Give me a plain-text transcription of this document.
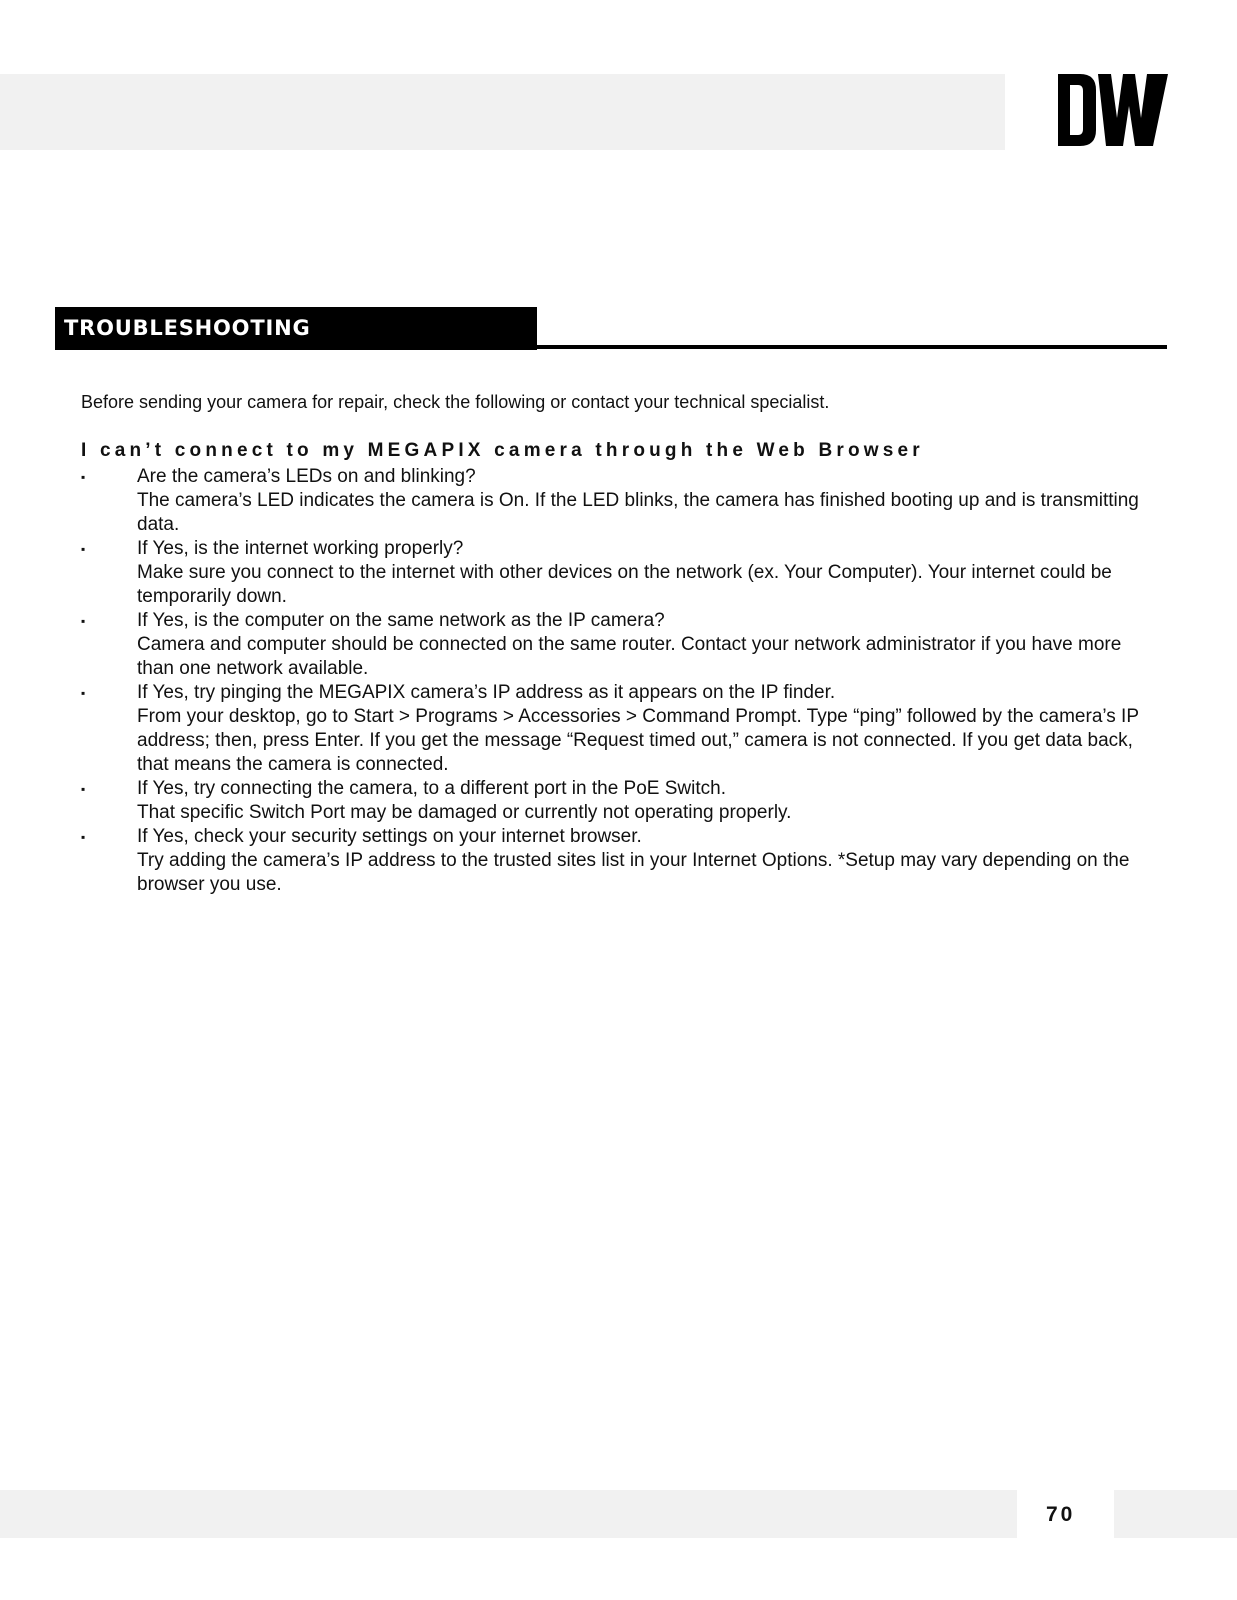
TROUBLESHOOTING
Before sending your camera for repair, check the following or contact your technical specialist.
I can’t connect to my MEGAPIX camera through the Web Browser
▪	Are the camera’s LEDs on and blinking?
The camera’s LED indicates the camera is On. If the LED blinks, the camera has finished booting up and is transmitting data.
▪	If Yes, is the internet working properly?
Make sure you connect to the internet with other devices on the network (ex. Your Computer). Your internet could be temporarily down.
▪	If Yes, is the computer on the same network as the IP camera?
Camera and computer should be connected on the same router. Contact your network administrator if you have more than one network available.
▪	If Yes, try pinging the MEGAPIX camera’s IP address as it appears on the IP finder.
From your desktop, go to Start > Programs > Accessories > Command Prompt. Type “ping” followed by the camera’s IP address; then, press Enter. If you get the message “Request timed out,” camera is not connected. If you get data back, that means the camera is connected.
▪	If Yes, try connecting the camera, to a different port in the PoE Switch.
That specific Switch Port may be damaged or currently not operating properly.
▪	If Yes, check your security settings on your internet browser.
Try adding the camera’s IP address to the trusted sites list in your Internet Options. *Setup may vary depending on the browser you use.
70
